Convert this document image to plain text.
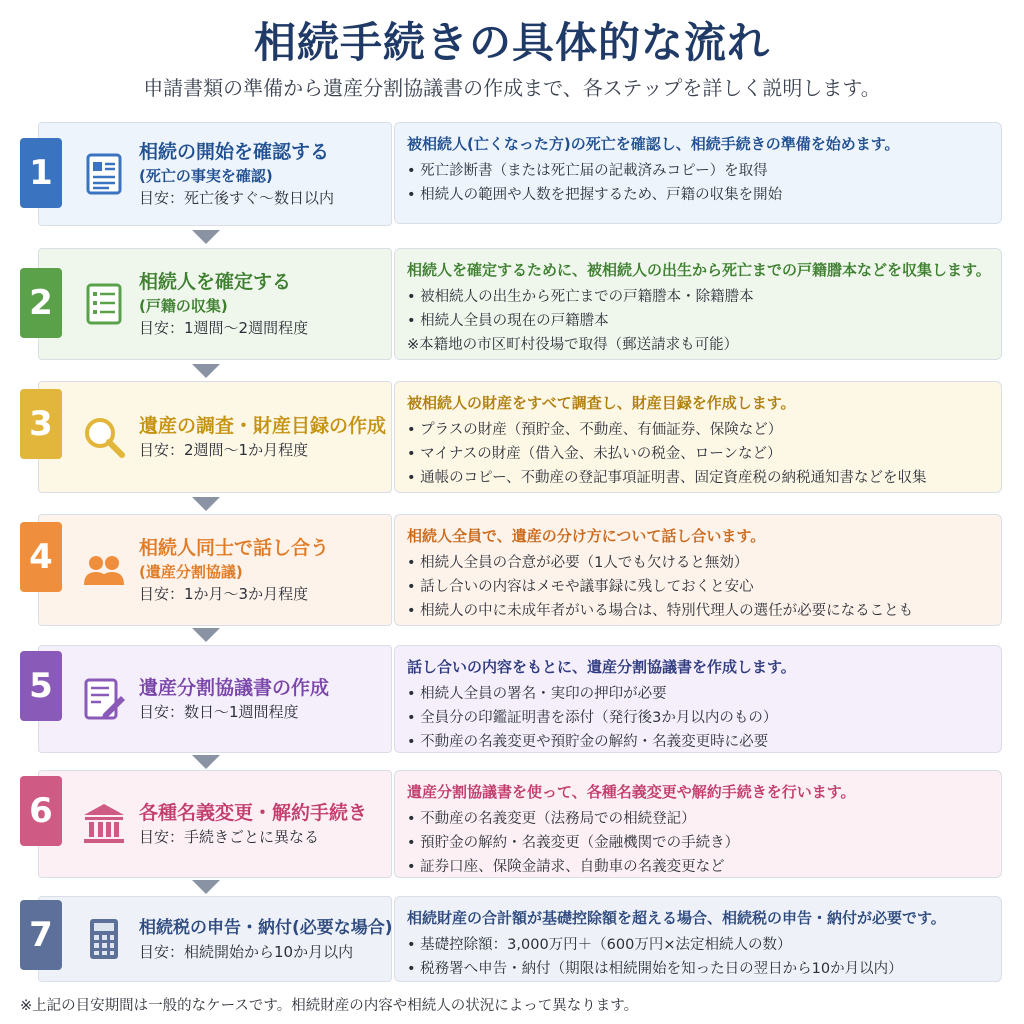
相続手続きの具体的な流れ
申請書類の準備から遺産分割協議書の作成まで、各ステップを詳しく説明します。
相続の開始を確認する
(死亡の事実を確認)
目安：死亡後すぐ～数日以内
1
被相続人(亡くなった方)の死亡を確認し、相続手続きの準備を始めます。
• 死亡診断書（または死亡届の記載済みコピー）を取得
• 相続人の範囲や人数を把握するため、戸籍の収集を開始
相続人を確定する
(戸籍の収集)
目安：1週間～2週間程度
2
相続人を確定するために、被相続人の出生から死亡までの戸籍謄本などを収集します。
• 被相続人の出生から死亡までの戸籍謄本・除籍謄本
• 相続人全員の現在の戸籍謄本
※本籍地の市区町村役場で取得（郵送請求も可能）
遺産の調査・財産目録の作成
目安：2週間～1か月程度
3
被相続人の財産をすべて調査し、財産目録を作成します。
• プラスの財産（預貯金、不動産、有価証券、保険など）
• マイナスの財産（借入金、未払いの税金、ローンなど）
• 通帳のコピー、不動産の登記事項証明書、固定資産税の納税通知書などを収集
相続人同士で話し合う
(遺産分割協議)
目安：1か月～3か月程度
4
相続人全員で、遺産の分け方について話し合います。
• 相続人全員の合意が必要（1人でも欠けると無効）
• 話し合いの内容はメモや議事録に残しておくと安心
• 相続人の中に未成年者がいる場合は、特別代理人の選任が必要になることも
遺産分割協議書の作成
目安：数日～1週間程度
5	話し合いの内容をもとに、遺産分割協議書を作成します。
• 相続人全員の署名・実印の押印が必要
• 全員分の印鑑証明書を添付（発行後3か月以内のもの）
• 不動産の名義変更や預貯金の解約・名義変更時に必要
各種名義変更・解約手続き
目安：手続きごとに異なる
6	遺産分割協議書を使って、各種名義変更や解約手続きを行います。
• 不動産の名義変更（法務局での相続登記）
• 預貯金の解約・名義変更（金融機関での手続き）
• 証券口座、保険金請求、自動車の名義変更など
相続税の申告・納付(必要な場合)
目安：相続開始から10か月以内
7	相続財産の合計額が基礎控除額を超える場合、相続税の申告・納付が必要です。
• 基礎控除額：3,000万円＋（600万円×法定相続人の数）
• 税務署へ申告・納付（期限は相続開始を知った日の翌日から10か月以内）
※上記の目安期間は一般的なケースです。相続財産の内容や相続人の状況によって異なります。
